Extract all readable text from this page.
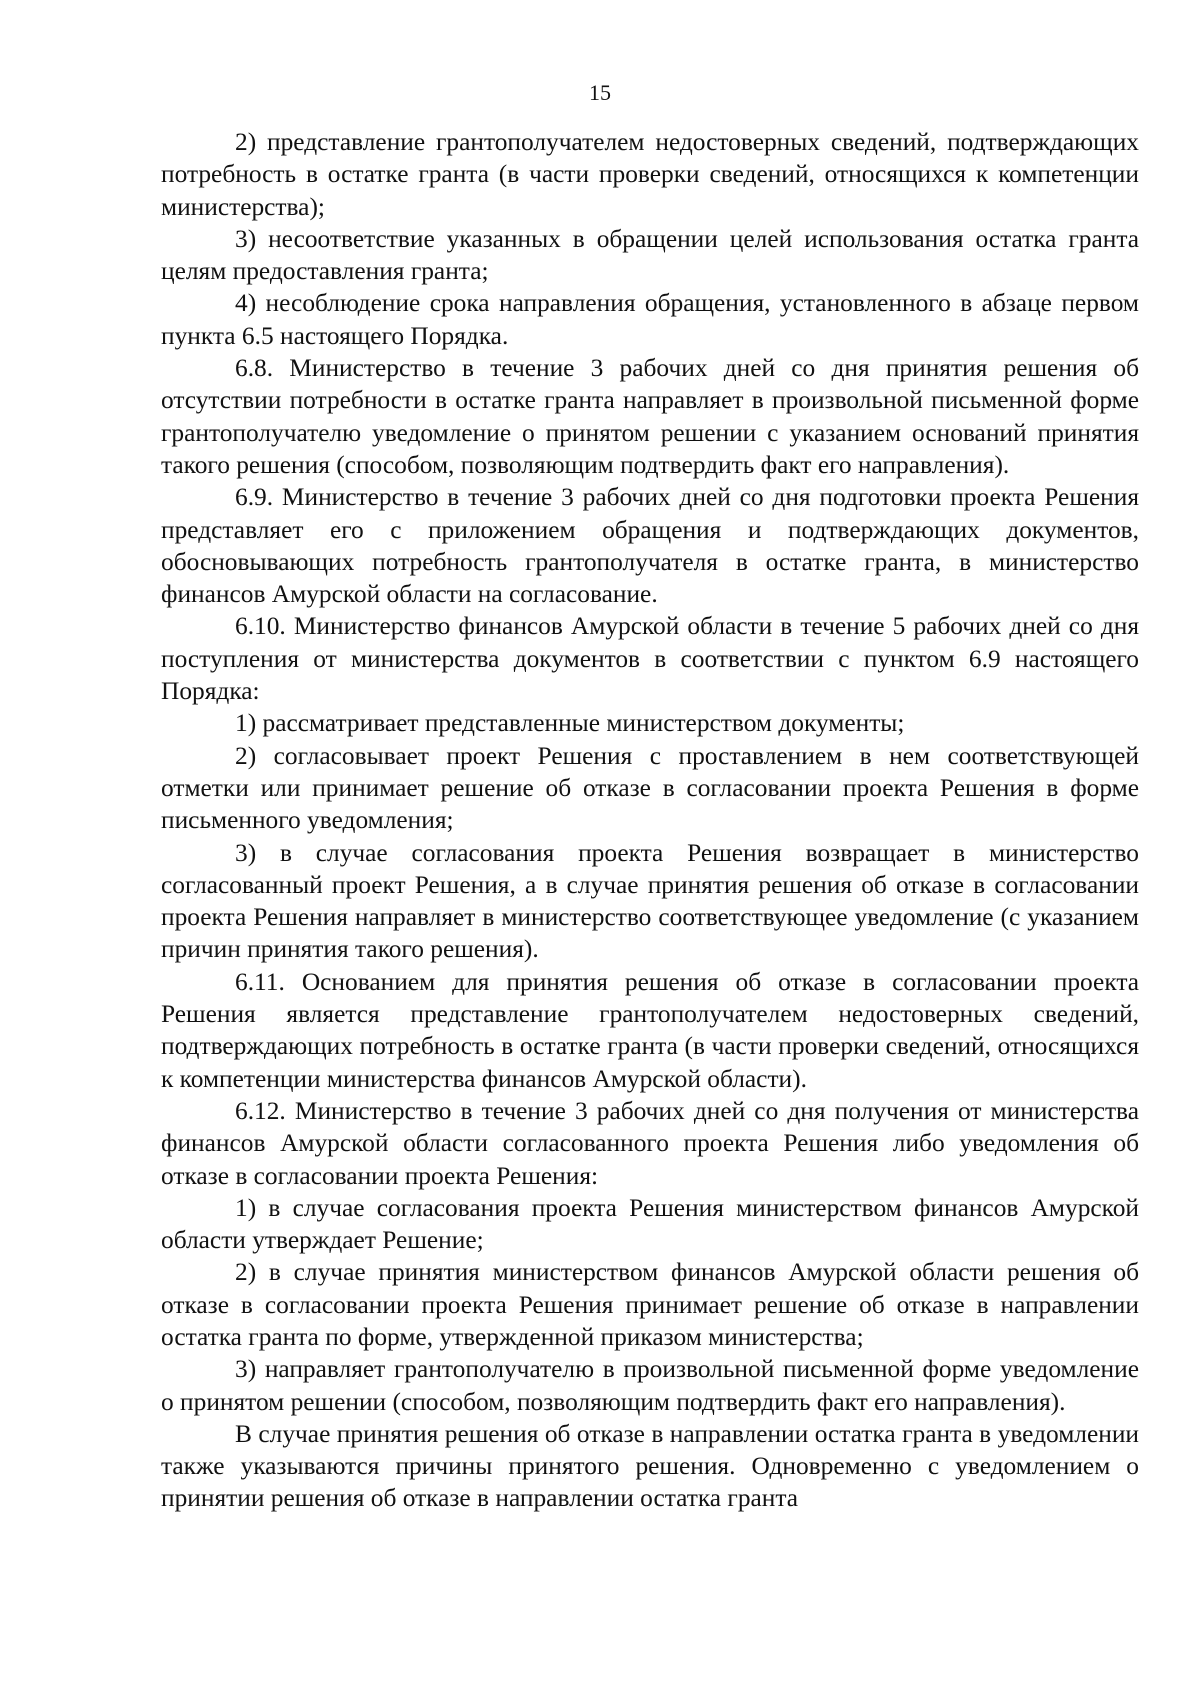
15

2) представление грантополучателем недостоверных сведений, подтверждающих потребность в остатке гранта (в части проверки сведений, относящихся к компетенции министерства);

3) несоответствие указанных в обращении целей использования остатка гранта целям предоставления гранта;

4) несоблюдение срока направления обращения, установленного в абзаце первом пункта 6.5 настоящего Порядка.

6.8. Министерство в течение 3 рабочих дней со дня принятия решения об отсутствии потребности в остатке гранта направляет в произвольной письменной форме грантополучателю уведомление о принятом решении с указанием оснований принятия такого решения (способом, позволяющим подтвердить факт его направления).

6.9. Министерство в течение 3 рабочих дней со дня подготовки проекта Решения представляет его с приложением обращения и подтверждающих документов, обосновывающих потребность грантополучателя в остатке гранта, в министерство финансов Амурской области на согласование.

6.10. Министерство финансов Амурской области в течение 5 рабочих дней со дня поступления от министерства документов в соответствии с пунктом 6.9 настоящего Порядка:

1) рассматривает представленные министерством документы;

2) согласовывает проект Решения с проставлением в нем соответствующей отметки или принимает решение об отказе в согласовании проекта Решения в форме письменного уведомления;

3) в случае согласования проекта Решения возвращает в министерство согласованный проект Решения, а в случае принятия решения об отказе в согласовании проекта Решения направляет в министерство соответствующее уведомление (с указанием причин принятия такого решения).

6.11. Основанием для принятия решения об отказе в согласовании проекта Решения является представление грантополучателем недостоверных сведений, подтверждающих потребность в остатке гранта (в части проверки сведений, относящихся к компетенции министерства финансов Амурской области).

6.12. Министерство в течение 3 рабочих дней со дня получения от министерства финансов Амурской области согласованного проекта Решения либо уведомления об отказе в согласовании проекта Решения:

1) в случае согласования проекта Решения министерством финансов Амурской области утверждает Решение;

2) в случае принятия министерством финансов Амурской области решения об отказе в согласовании проекта Решения принимает решение об отказе в направлении остатка гранта по форме, утвержденной приказом министерства;

3) направляет грантополучателю в произвольной письменной форме уведомление о принятом решении (способом, позволяющим подтвердить факт его направления).

В случае принятия решения об отказе в направлении остатка гранта в уведомлении также указываются причины принятого решения. Одновременно с уведомлением о принятии решения об отказе в направлении остатка гранта
